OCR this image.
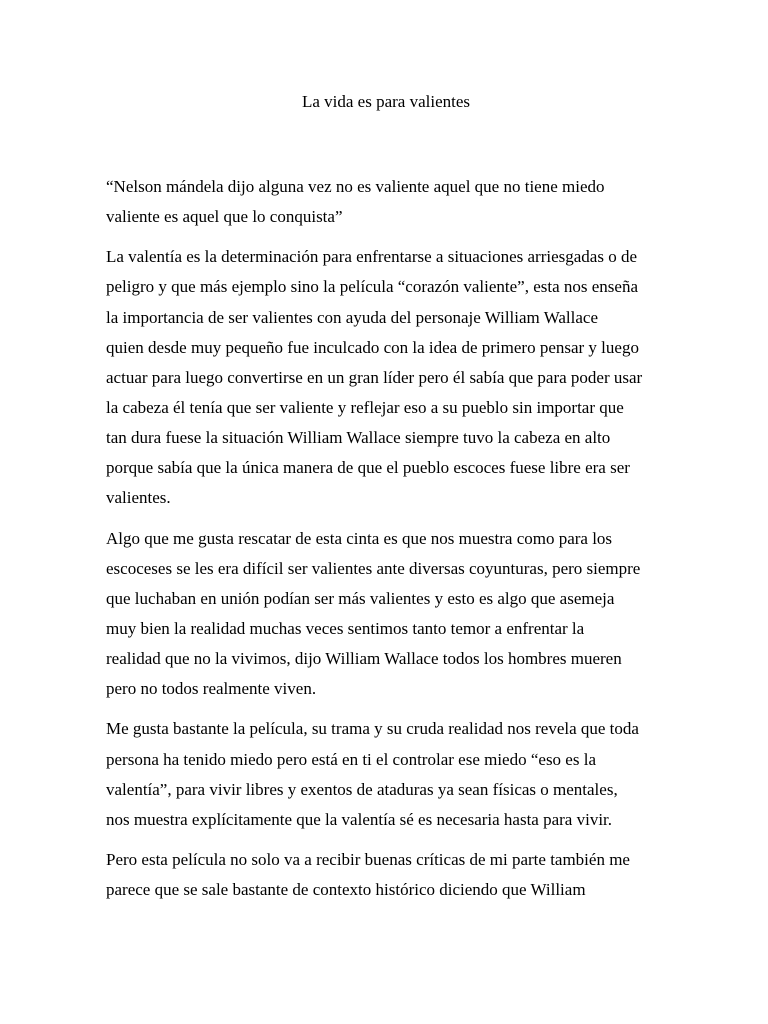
La vida es para valientes
“Nelson mándela dijo alguna vez no es valiente aquel que no tiene miedo
valiente es aquel que lo conquista”
La valentía es la determinación para enfrentarse a situaciones arriesgadas o de
peligro y que más ejemplo sino la película “corazón valiente”, esta nos enseña
la importancia de ser valientes con ayuda del personaje William Wallace
quien desde muy pequeño fue inculcado con la idea de primero pensar y luego
actuar para luego convertirse en un gran líder pero él sabía que para poder usar
la cabeza él tenía que ser valiente y reflejar eso a su pueblo sin importar que
tan dura fuese la situación William Wallace siempre tuvo la cabeza en alto
porque sabía que la única manera de que el pueblo escoces fuese libre era ser
valientes.
Algo que me gusta rescatar de esta cinta es que nos muestra como para los
escoceses se les era difícil ser valientes ante diversas coyunturas, pero siempre
que luchaban en unión podían ser más valientes y esto es algo que asemeja
muy bien la realidad muchas veces sentimos tanto temor a enfrentar la
realidad que no la vivimos, dijo William Wallace todos los hombres mueren
pero no todos realmente viven.
Me gusta bastante la película, su trama y su cruda realidad nos revela que toda
persona ha tenido miedo pero está en ti el controlar ese miedo “eso es la
valentía”, para vivir libres y exentos de ataduras ya sean físicas o mentales,
nos muestra explícitamente que la valentía sé es necesaria hasta para vivir.
Pero esta película no solo va a recibir buenas críticas de mi parte también me
parece que se sale bastante de contexto histórico diciendo que William
